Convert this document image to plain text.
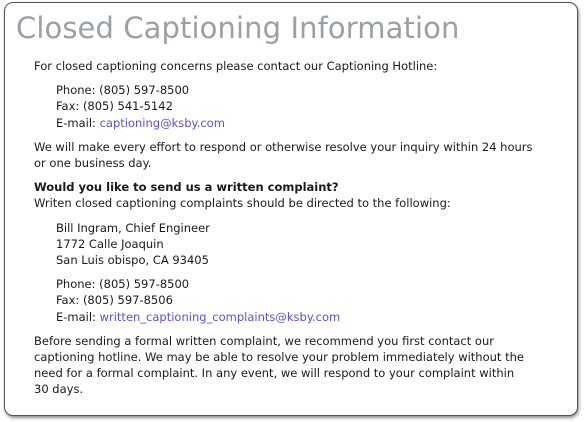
Closed Captioning Information

For closed captioning concerns please contact our Captioning Hotline:

Phone: (805) 597-8500

Fax: (805) 541-5142

E-mail: captioning@ksby.com

We will make every effort to respond or otherwise resolve your inquiry within 24 hours

or one business day.

Would you like to send us a written complaint?

Writen closed captioning complaints should be directed to the following:

Bill Ingram, Chief Engineer

1772 Calle Joaquin

San Luis obispo, CA 93405

Phone: (805) 597-8500

Fax: (805) 597-8506

E-mail: written_captioning_complaints@ksby.com

Before sending a formal written complaint, we recommend you first contact our

captioning hotline. We may be able to resolve your problem immediately without the

need for a formal complaint. In any event, we will respond to your complaint within

30 days.
